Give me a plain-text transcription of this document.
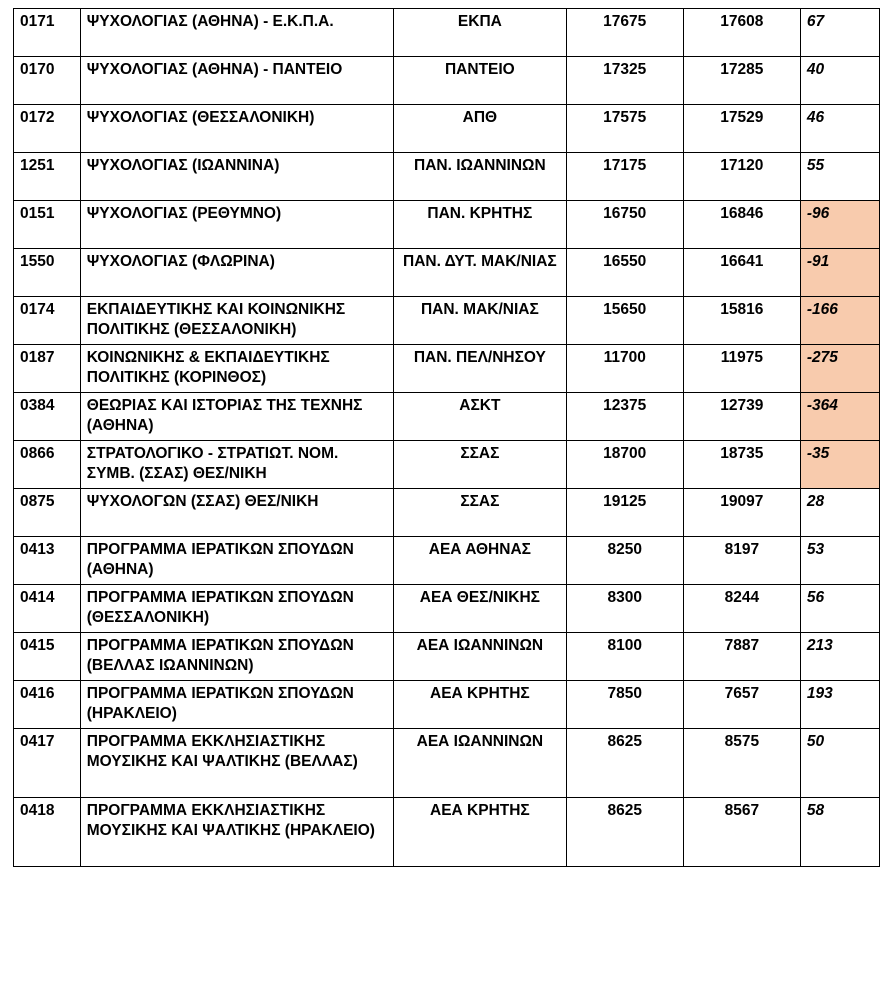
0171	ΨΥΧΟΛΟΓΙΑΣ (ΑΘΗΝΑ) - Ε.Κ.Π.Α.	ΕΚΠΑ	17675	17608	67
0170	ΨΥΧΟΛΟΓΙΑΣ (ΑΘΗΝΑ) - ΠΑΝΤΕΙΟ	ΠΑΝΤΕΙΟ	17325	17285	40
0172	ΨΥΧΟΛΟΓΙΑΣ (ΘΕΣΣΑΛΟΝΙΚΗ)	ΑΠΘ	17575	17529	46
1251	ΨΥΧΟΛΟΓΙΑΣ (ΙΩΑΝΝΙΝΑ)	ΠΑΝ. ΙΩΑΝΝΙΝΩΝ	17175	17120	55
0151	ΨΥΧΟΛΟΓΙΑΣ (ΡΕΘΥΜΝΟ)	ΠΑΝ. ΚΡΗΤΗΣ	16750	16846	-96
1550	ΨΥΧΟΛΟΓΙΑΣ (ΦΛΩΡΙΝΑ)	ΠΑΝ. ΔΥΤ. ΜΑΚ/ΝΙΑΣ	16550	16641	-91
0174	ΕΚΠΑΙΔΕΥΤΙΚΗΣ ΚΑΙ ΚΟΙΝΩΝΙΚΗΣ ΠΟΛΙΤΙΚΗΣ (ΘΕΣΣΑΛΟΝΙΚΗ)	ΠΑΝ. ΜΑΚ/ΝΙΑΣ	15650	15816	-166
0187	ΚΟΙΝΩΝΙΚΗΣ & ΕΚΠΑΙΔΕΥΤΙΚΗΣ ΠΟΛΙΤΙΚΗΣ (ΚΟΡΙΝΘΟΣ)	ΠΑΝ. ΠΕΛ/ΝΗΣΟΥ	11700	11975	-275
0384	ΘΕΩΡΙΑΣ ΚΑΙ ΙΣΤΟΡΙΑΣ ΤΗΣ ΤΕΧΝΗΣ (ΑΘΗΝΑ)	ΑΣΚΤ	12375	12739	-364
0866	ΣΤΡΑΤΟΛΟΓΙΚΟ - ΣΤΡΑΤΙΩΤ. ΝΟΜ. ΣΥΜΒ. (ΣΣΑΣ) ΘΕΣ/ΝΙΚΗ	ΣΣΑΣ	18700	18735	-35
0875	ΨΥΧΟΛΟΓΩΝ (ΣΣΑΣ) ΘΕΣ/ΝΙΚΗ	ΣΣΑΣ	19125	19097	28
0413	ΠΡΟΓΡΑΜΜΑ ΙΕΡΑΤΙΚΩΝ ΣΠΟΥΔΩΝ (ΑΘΗΝΑ)	ΑΕΑ ΑΘΗΝΑΣ	8250	8197	53
0414	ΠΡΟΓΡΑΜΜΑ ΙΕΡΑΤΙΚΩΝ ΣΠΟΥΔΩΝ (ΘΕΣΣΑΛΟΝΙΚΗ)	ΑΕΑ ΘΕΣ/ΝΙΚΗΣ	8300	8244	56
0415	ΠΡΟΓΡΑΜΜΑ ΙΕΡΑΤΙΚΩΝ ΣΠΟΥΔΩΝ (ΒΕΛΛΑΣ ΙΩΑΝΝΙΝΩΝ)	ΑΕΑ ΙΩΑΝΝΙΝΩΝ	8100	7887	213
0416	ΠΡΟΓΡΑΜΜΑ ΙΕΡΑΤΙΚΩΝ ΣΠΟΥΔΩΝ (ΗΡΑΚΛΕΙΟ)	ΑΕΑ ΚΡΗΤΗΣ	7850	7657	193
0417	ΠΡΟΓΡΑΜΜΑ ΕΚΚΛΗΣΙΑΣΤΙΚΗΣ ΜΟΥΣΙΚΗΣ ΚΑΙ ΨΑΛΤΙΚΗΣ (ΒΕΛΛΑΣ)	ΑΕΑ ΙΩΑΝΝΙΝΩΝ	8625	8575	50
0418	ΠΡΟΓΡΑΜΜΑ ΕΚΚΛΗΣΙΑΣΤΙΚΗΣ ΜΟΥΣΙΚΗΣ ΚΑΙ ΨΑΛΤΙΚΗΣ (ΗΡΑΚΛΕΙΟ)	ΑΕΑ ΚΡΗΤΗΣ	8625	8567	58
